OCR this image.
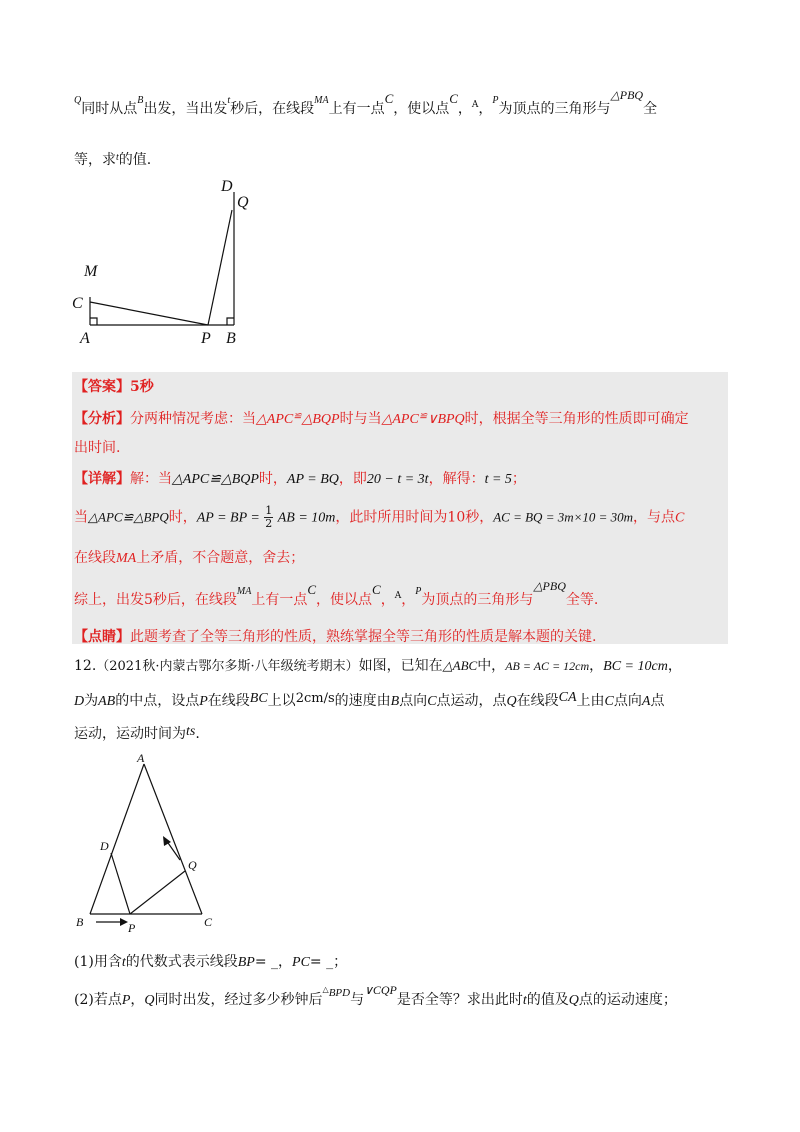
$^Q$同时从点$^B$出发，当出发$^t$秒后，在线段$^{MA}$上有一点C，使以点C，$^A$，$^P$为顶点的三角形与△PBQ全
等，求$^t$的值.
D
Q
M
C
A	P B
【答案】5秒
【分析】分两种情况考虑：当△APC≌△BQP时与当△APC≌∨BPQ时，根据全等三角形的性质即可确定
出时间.
【详解】解：当△APC≌△BQP时，AP = BQ，即20 − t = 3t，解得：t = 5；
当△APC≌△BPQ时，AP = BP = $\frac{1}{2}$ AB = 10m，此时所用时间为10秒，AC = BQ = 3m×10 = 30m，与点C
在线段MA上矛盾，不合题意，舍去；
综上，出发5秒后，在线段$^{MA}$上有一点C，使以点C，$^A$，$^P$为顶点的三角形与△PBQ全等.
【点睛】此题考查了全等三角形的性质，熟练掌握全等三角形的性质是解本题的关键.
12.（2021秋·内蒙古鄂尔多斯·八年级统考期末）如图，已知在△ABC中，AB = AC = 12cm，BC = 10cm，
D为AB的中点，设点P在线段BC上以2cm/s的速度由B点向C点运动，点Q在线段CA上由C点向A点
运动，运动时间为ts.
A
D
Q
B	P	C
(1)用含t的代数式表示线段BP= _，PC= _；
(2)若点P，Q同时出发，经过多少秒钟后$^{\triangle BPD}$与∨CQP是否全等？求出此时t的值及Q点的运动速度；
